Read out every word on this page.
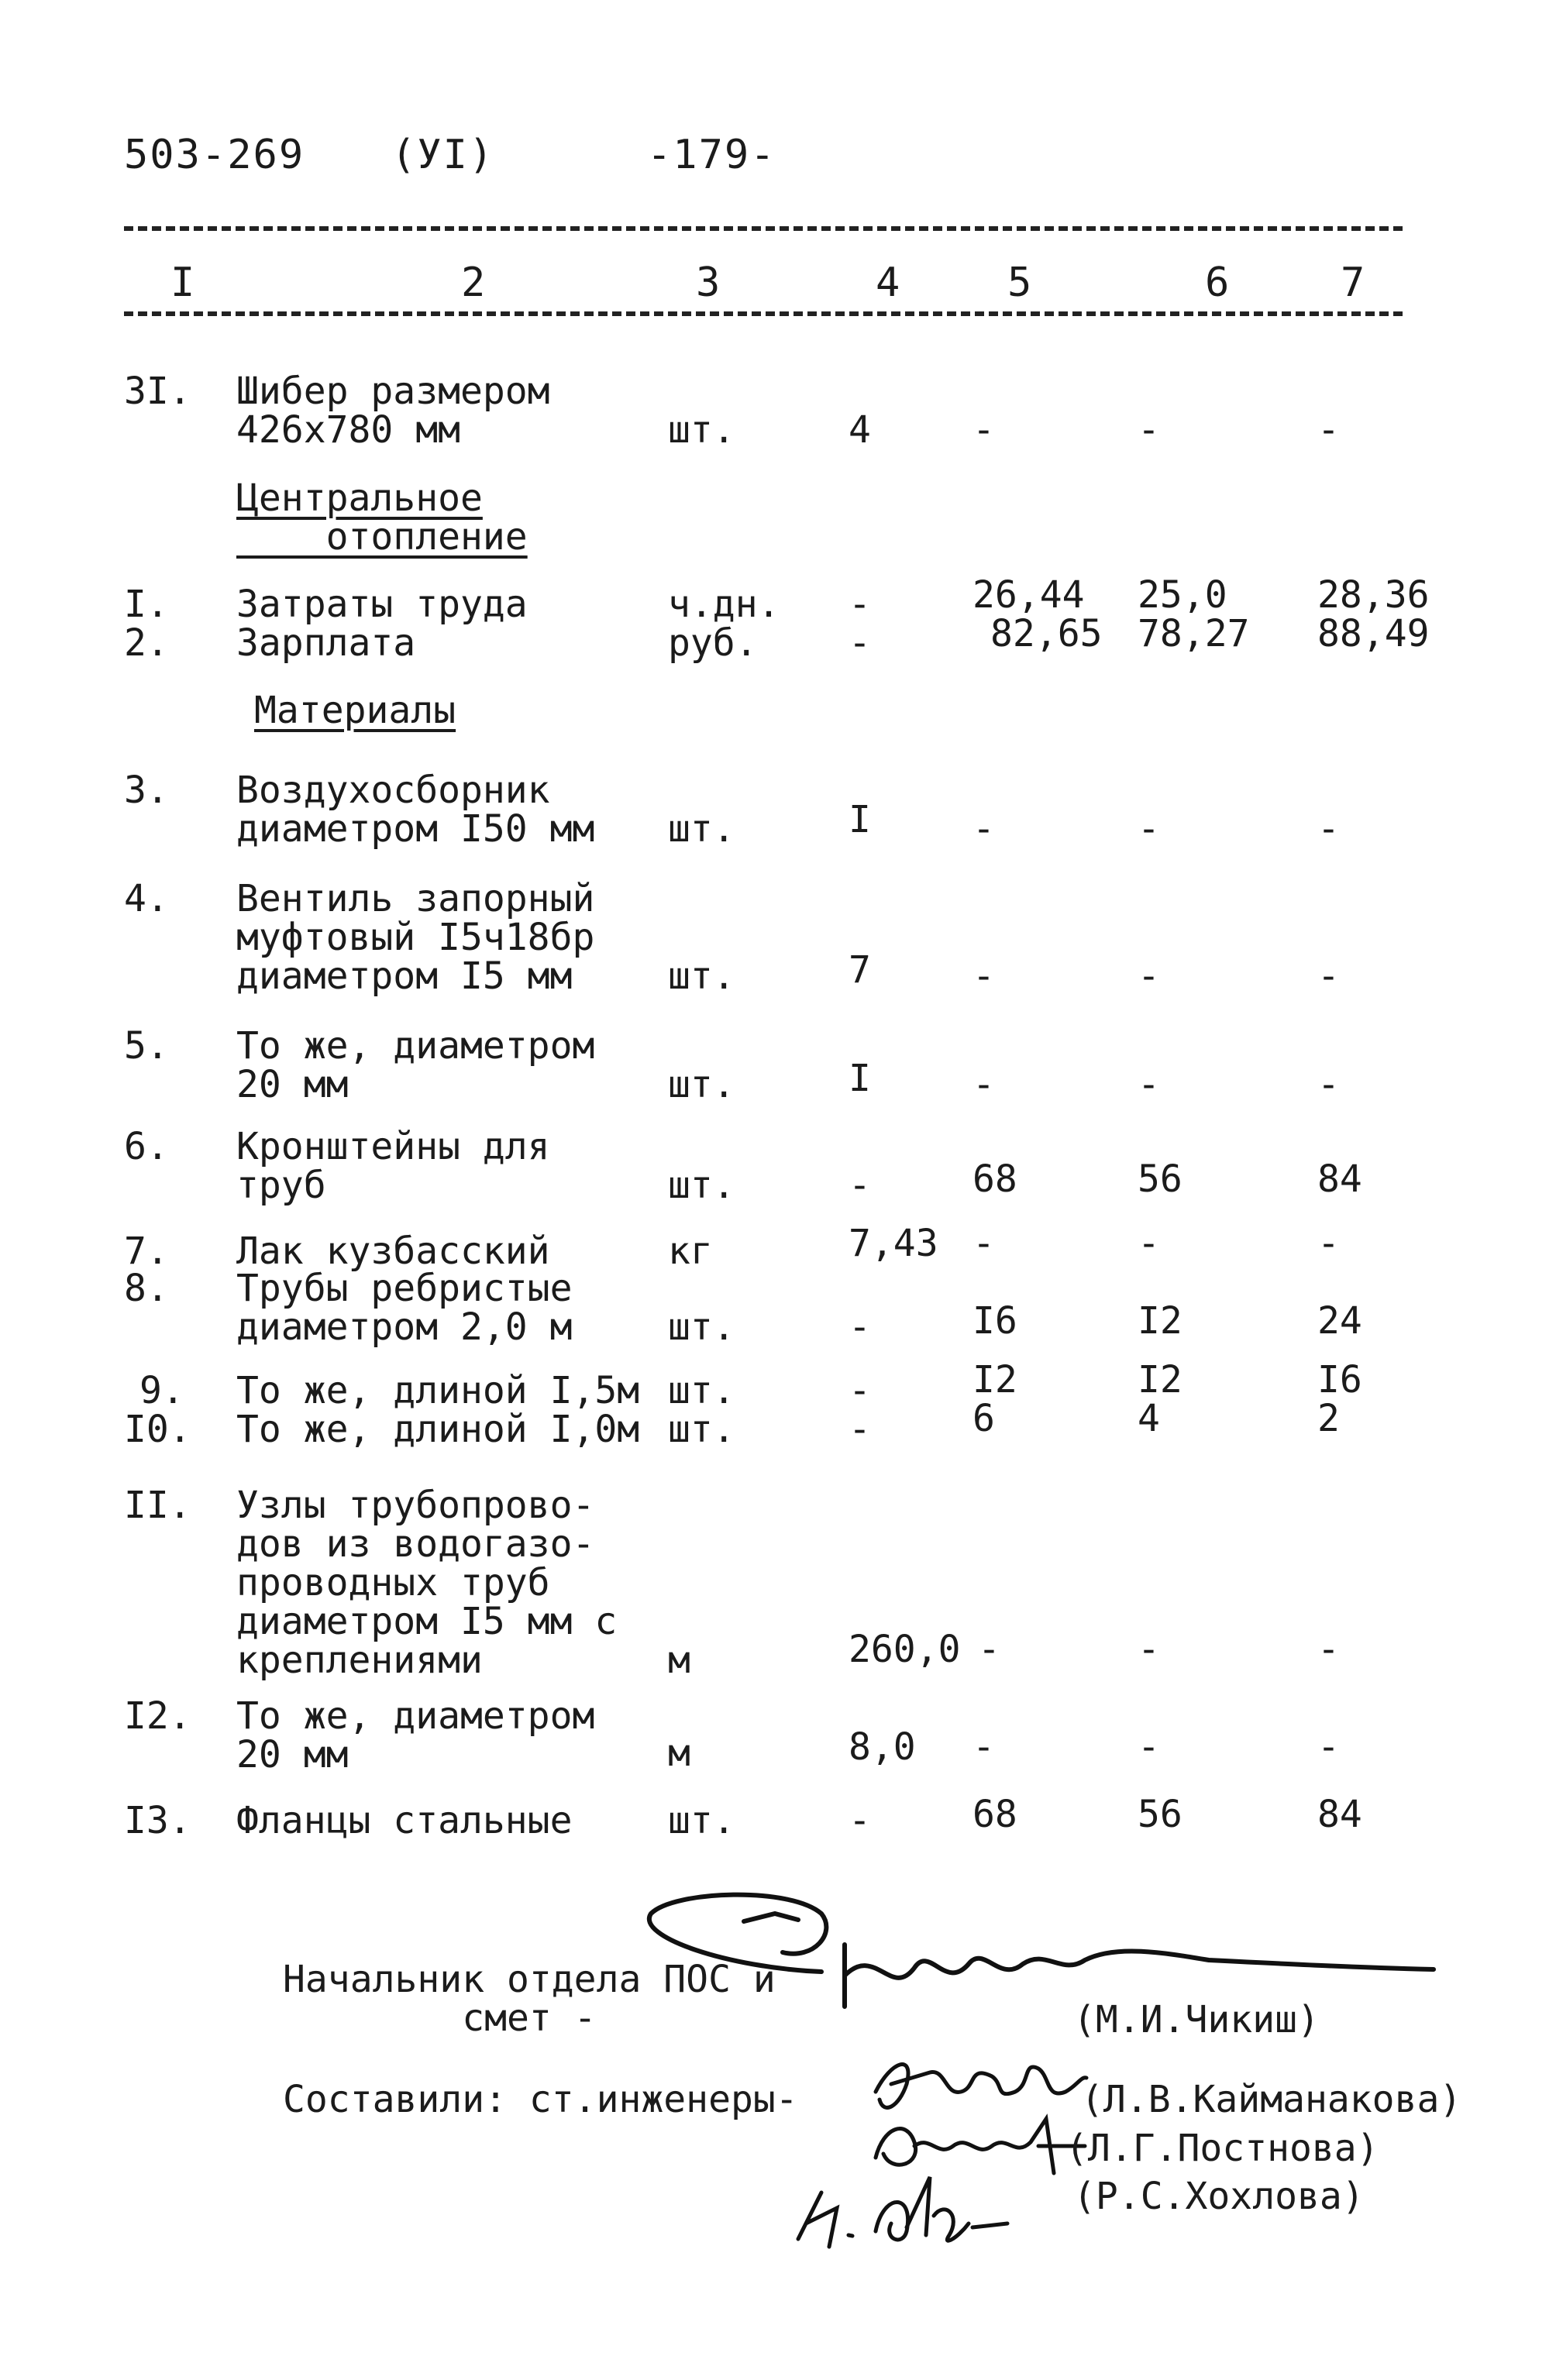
503-269 (УI)	-179-
I	2	3	4	5	6	7
3I.	Шибер размером
426x780 мм	шт.	4	-	-	-
Центральное
отопление
I.	Затраты труда	ч.дн.	-	26,44	25,0	28,36
2.	Зарплата	руб.	-	82,65 78,27	88,49
Материалы
3.	Воздухосборник
диаметром I50 мм	шт.	I	-	-	-
4.	Вентиль запорный
муфтовый I5ч18бр
диаметром I5 мм	шт.	7	-	-	-
5.	То же, диаметром
20 мм	шт.	I	-	-	-
6.	Кронштейны для
труб	шт.	-	68	56	84
7.	Лак кузбасский	кг	7,43 -	-	-
8.	Трубы ребристые
диаметром 2,0 м	шт.	-	I6	I2	24
9.	То же, длиной I,5м шт.	-	I2	I2	I6
I0.	То же, длиной I,0м шт.	-	6	4	2
II.	Узлы трубопрово-
дов из водогазо-
проводных труб
диаметром I5 мм с
креплениями	м	260,0 -	-	-
I2.	То же, диаметром
20 мм	м	8,0	-	-	-
I3.	Фланцы стальные	шт.	-	68	56	84
Начальник отдела ПОС и
смет -	(М.И.Чикиш)
Составили: ст.инженеры-	(Л.В.Кайманакова)
(Л.Г.Постнова)
(Р.С.Хохлова)
